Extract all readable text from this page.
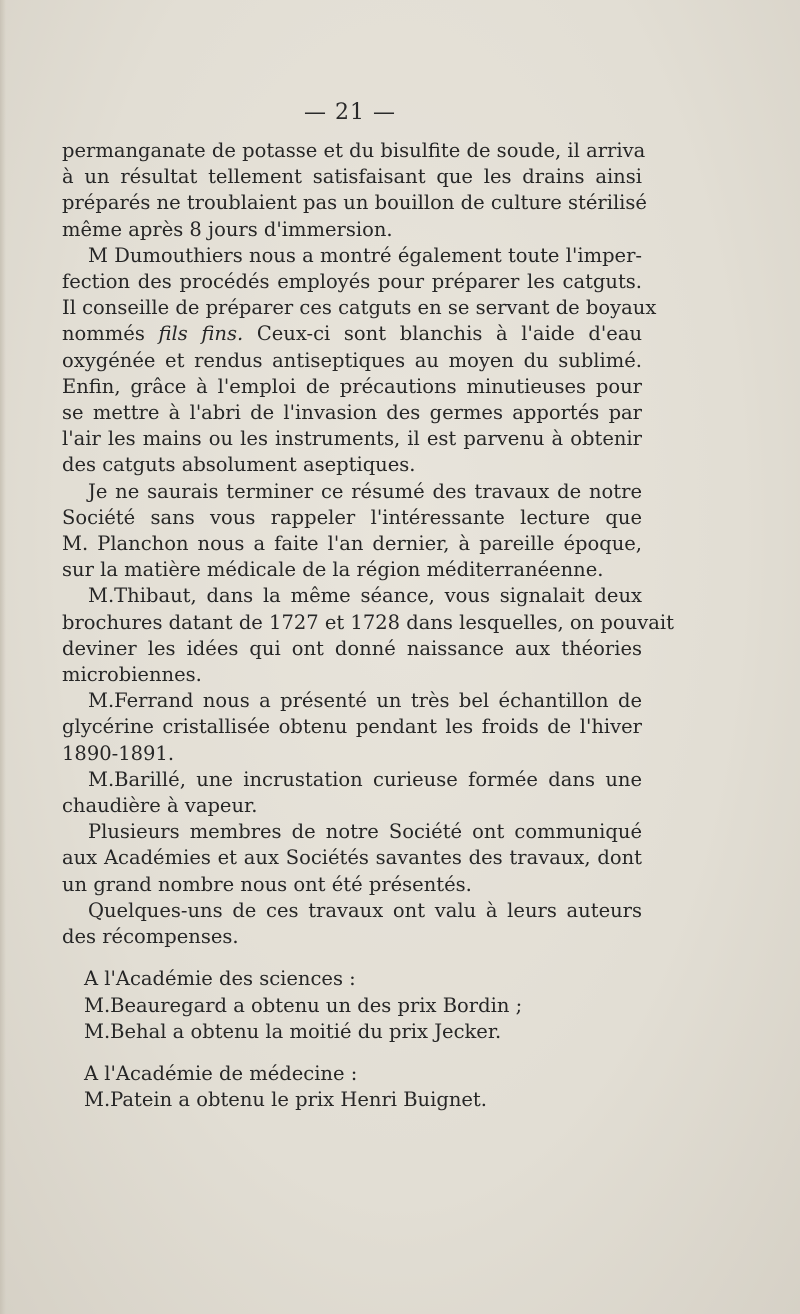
— 21 —
permanganate de potasse et du bisulfite de soude, il arriva
à un résultat tellement satisfaisant que les drains ainsi
préparés ne troublaient pas un bouillon de culture stérilisé
même après 8 jours d'immersion.
M Dumouthiers nous a montré également toute l'imper-
fection des procédés employés pour préparer les catguts.
Il conseille de préparer ces catguts en se servant de boyaux
nommés fils fins. Ceux-ci sont blanchis à l'aide d'eau
oxygénée et rendus antiseptiques au moyen du sublimé.
Enfin, grâce à l'emploi de précautions minutieuses pour
se mettre à l'abri de l'invasion des germes apportés par
l'air les mains ou les instruments, il est parvenu à obtenir
des catguts absolument aseptiques.
Je ne saurais terminer ce résumé des travaux de notre
Société sans vous rappeler l'intéressante lecture que
M. Planchon nous a faite l'an dernier, à pareille époque,
sur la matière médicale de la région méditerranéenne.
M.Thibaut, dans la même séance, vous signalait deux
brochures datant de 1727 et 1728 dans lesquelles, on pouvait
deviner les idées qui ont donné naissance aux théories
microbiennes.
M.Ferrand nous a présenté un très bel échantillon de
glycérine cristallisée obtenu pendant les froids de l'hiver
1890-1891.
M.Barillé, une incrustation curieuse formée dans une
chaudière à vapeur.
Plusieurs membres de notre Société ont communiqué
aux Académies et aux Sociétés savantes des travaux, dont
un grand nombre nous ont été présentés.
Quelques-uns de ces travaux ont valu à leurs auteurs
des récompenses.
A l'Académie des sciences :
M.Beauregard a obtenu un des prix Bordin ;
M.Behal a obtenu la moitié du prix Jecker.
A l'Académie de médecine :
M.Patein a obtenu le prix Henri Buignet.
